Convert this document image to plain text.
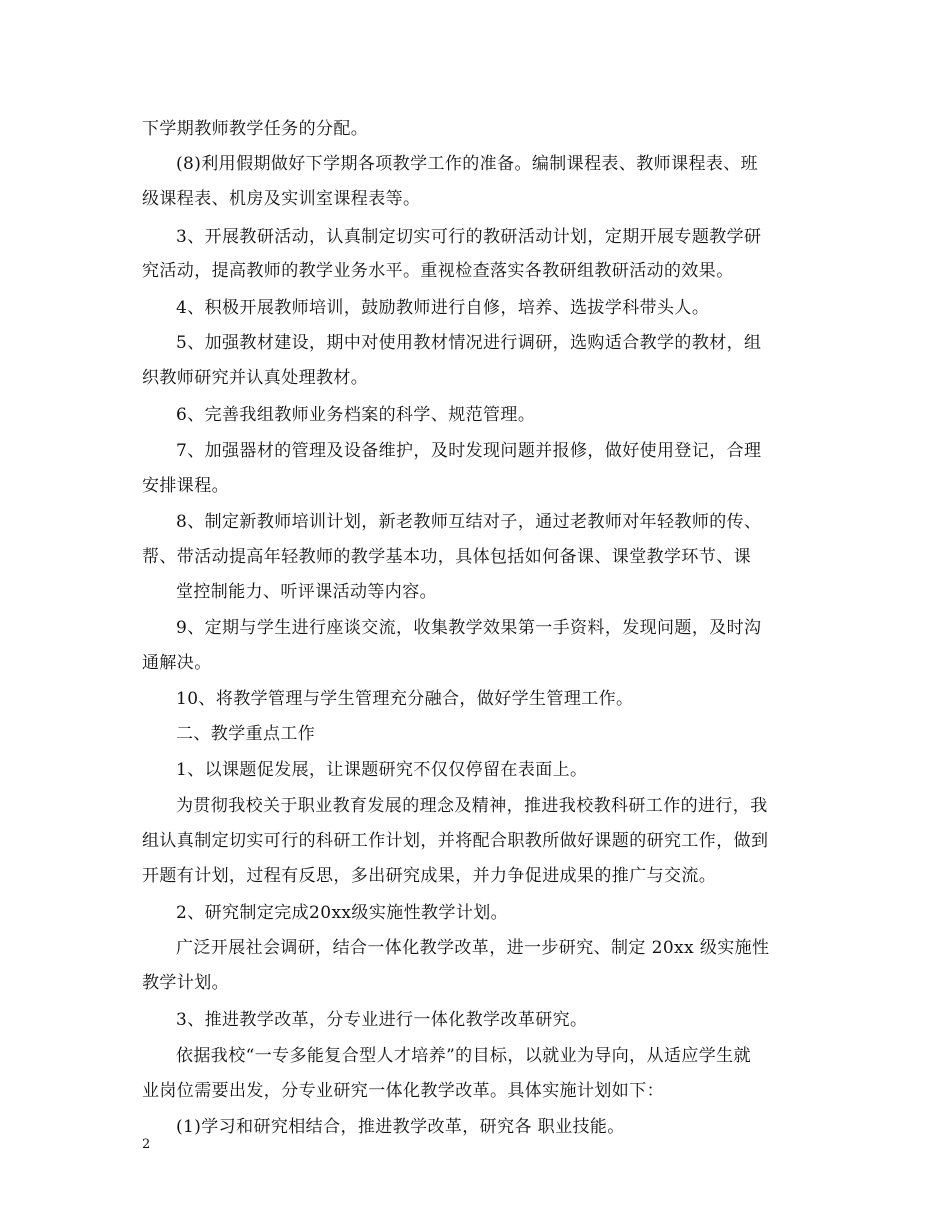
下学期教师教学任务的分配。
(8)利用假期做好下学期各项教学工作的准备。编制课程表、教师课程表、班
级课程表、机房及实训室课程表等。
3、开展教研活动，认真制定切实可行的教研活动计划，定期开展专题教学研
究活动，提高教师的教学业务水平。重视检查落实各教研组教研活动的效果。
4、积极开展教师培训，鼓励教师进行自修，培养、选拔学科带头人。
5、加强教材建设，期中对使用教材情况进行调研，选购适合教学的教材，组
织教师研究并认真处理教材。
6、完善我组教师业务档案的科学、规范管理。
7、加强器材的管理及设备维护，及时发现问题并报修，做好使用登记，合理
安排课程。
8、制定新教师培训计划，新老教师互结对子，通过老教师对年轻教师的传、
帮、带活动提高年轻教师的教学基本功，具体包括如何备课、课堂教学环节、课
堂控制能力、听评课活动等内容。
9、定期与学生进行座谈交流，收集教学效果第一手资料，发现问题，及时沟
通解决。
10、将教学管理与学生管理充分融合，做好学生管理工作。
二、教学重点工作
1、以课题促发展，让课题研究不仅仅停留在表面上。
为贯彻我校关于职业教育发展的理念及精神，推进我校教科研工作的进行，我
组认真制定切实可行的科研工作计划，并将配合职教所做好课题的研究工作，做到
开题有计划，过程有反思，多出研究成果，并力争促进成果的推广与交流。
2、研究制定完成20xx级实施性教学计划。
广泛开展社会调研，结合一体化教学改革，进一步研究、制定 20xx 级实施性
教学计划。
3、推进教学改革，分专业进行一体化教学改革研究。
依据我校“一专多能复合型人才培养”的目标，以就业为导向，从适应学生就
业岗位需要出发，分专业研究一体化教学改革。具体实施计划如下：
(1)学习和研究相结合，推进教学改革，研究各 职业技能。
2
